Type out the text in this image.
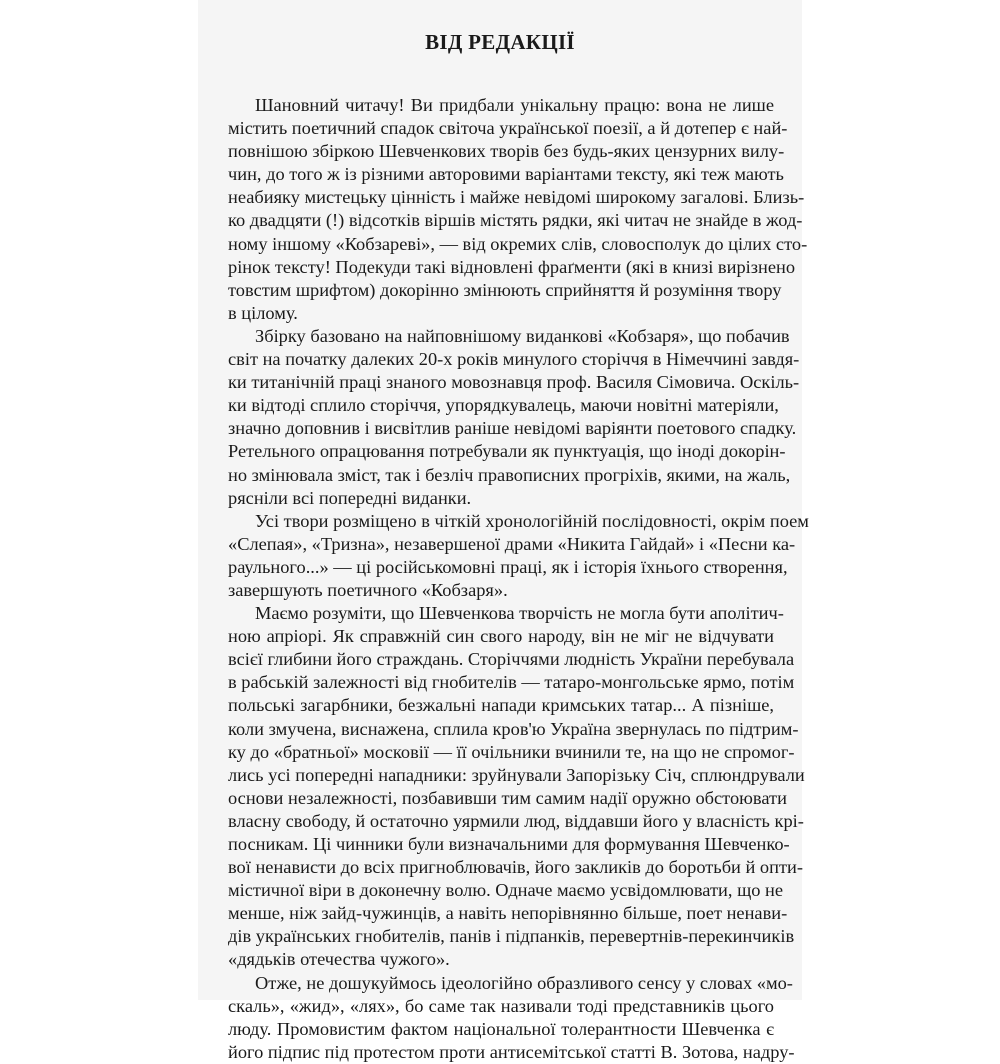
ВІД РЕДАКЦІЇ
Шановний читачу! Ви придбали унікальну працю: вона не лише
містить поетичний спадок світоча української поезії, а й дотепер є най-
повнішою збіркою Шевченкових творів без будь-яких цензурних вилу-
чин, до того ж із різними авторовими варіантами тексту, які теж мають
неабияку мистецьку цінність і майже невідомі широкому загалові. Близь-
ко двадцяти (!) відсотків віршів містять рядки, які читач не знайде в жод-
ному іншому «Кобзареві», — від окремих слів, словосполук до цілих сто-
рінок тексту! Подекуди такі відновлені фраґменти (які в книзі вирізнено
товстим шрифтом) докорінно змінюють сприйняття й розуміння твору
в цілому.
Збірку базовано на найповнішому виданкові «Кобзаря», що побачив
світ на початку далеких 20-х років минулого сторіччя в Німеччині завдя-
ки титанічній праці знаного мовознавця проф. Василя Сімовича. Оскіль-
ки відтоді сплило сторіччя, упорядкувалець, маючи новітні матеріяли,
значно доповнив і висвітлив раніше невідомі варіянти поетового спадку.
Ретельного опрацювання потребували як пунктуація, що іноді докорін-
но змінювала зміст, так і безліч правописних прогріхів, якими, на жаль,
рясніли всі попередні виданки.
Усі твори розміщено в чіткій хронологійній послідовності, окрім поем
«Слепая», «Тризна», незавершеної драми «Никита Гайдай» і «Песни ка-
раульного...» — ці російськомовні праці, як і історія їхнього створення,
завершують поетичного «Кобзаря».
Маємо розуміти, що Шевченкова творчість не могла бути аполітич-
ною апріорі. Як справжній син свого народу, він не міг не відчувати
всієї глибини його страждань. Сторіччями людність України перебувала
в рабській залежності від гнобителів — татаро-монгольське ярмо, потім
польські загарбники, безжальні напади кримських татар... А пізніше,
коли змучена, виснажена, сплила кров'ю Україна звернулась по підтрим-
ку до «братньої» московії — її очільники вчинили те, на що не спромог-
лись усі попередні нападники: зруйнували Запорізьку Січ, сплюндрували
основи незалежності, позбавивши тим самим надії оружно обстоювати
власну свободу, й остаточно уярмили люд, віддавши його у власність крі-
посникам. Ці чинники були визначальними для формування Шевченко-
вої ненависти до всіх пригноблювачів, його закликів до боротьби й опти-
містичної віри в доконечну волю. Одначе маємо усвідомлювати, що не
менше, ніж зайд-чужинців, а навіть непорівнянно більше, поет ненави-
дів українських гнобителів, панів і підпанків, перевертнів-перекинчиків
«дядьків отечества чужого».
Отже, не дошукуймось ідеологійно образливого сенсу у словах «мо-
скаль», «жид», «лях», бо саме так називали тоді представників цього
люду. Промовистим фактом національної толерантности Шевченка є
його підпис під протестом проти антисемітської статті В. Зотова, надру-
